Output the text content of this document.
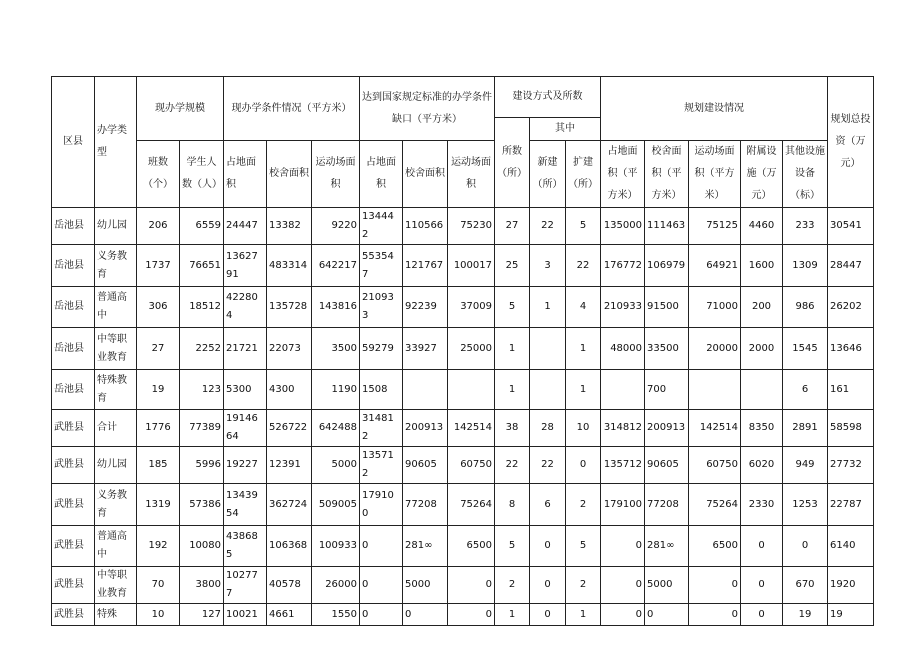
区县	办学类型	现办学规模		现办学条件情况（平方米）			达到国家规定标准的办学条件缺口（平方米）			建设方式及所数			规划建设情况					规划总投资（万元）
										所数（所）	其中							
		班数（个）	学生人数（人）	占地面积	校舍面积	运动场面积	占地面积	校舍面积	运动场面积		新建（所）	扩建（所）	占地面积（平方米）	校舍面积（平方米）	运动场面积（平方米）	附属设施（万元）	其他设施设备（标）	
岳池县	幼儿园	206	6559	24447	13382	9220	134442	110566	75230	27	22	5	135000	111463	75125	4460	233	30541
岳池县	义务教育	1737	76651	1362791	483314	642217	553547	121767	100017	25	3	22	176772	106979	64921	1600	1309	28447
岳池县	普通高中	306	18512	422804	135728	143816	210933	92239	37009	5	1	4	210933	91500	71000	200	986	26202
岳池县	中等职业教育	27	2252	21721	22073	3500	59279	33927	25000	1		1	48000	33500	20000	2000	1545	13646
岳池县	特殊教育	19	123	5300	4300	1190	1508			1		1		700			6	161
武胜县	合计	1776	77389	1914664	526722	642488	314812	200913	142514	38	28	10	314812	200913	142514	8350	2891	58598
武胜县	幼儿园	185	5996	19227	12391	5000	135712	90605	60750	22	22	0	135712	90605	60750	6020	949	27732
武胜县	义务教育	1319	57386	1343954	362724	509005	179100	77208	75264	8	6	2	179100	77208	75264	2330	1253	22787
武胜县	普通高中	192	10080	438685	106368	100933	0	281∞	6500	5	0	5	0	281∞	6500	0	0	6140
武胜县	中等职业教育	70	3800	102777	40578	26000	0	5000	0	2	0	2	0	5000	0	0	670	1920
武胜县	特殊	10	127	10021	4661	1550	0	0	0	1	0	1	0	0	0	0	19	19
